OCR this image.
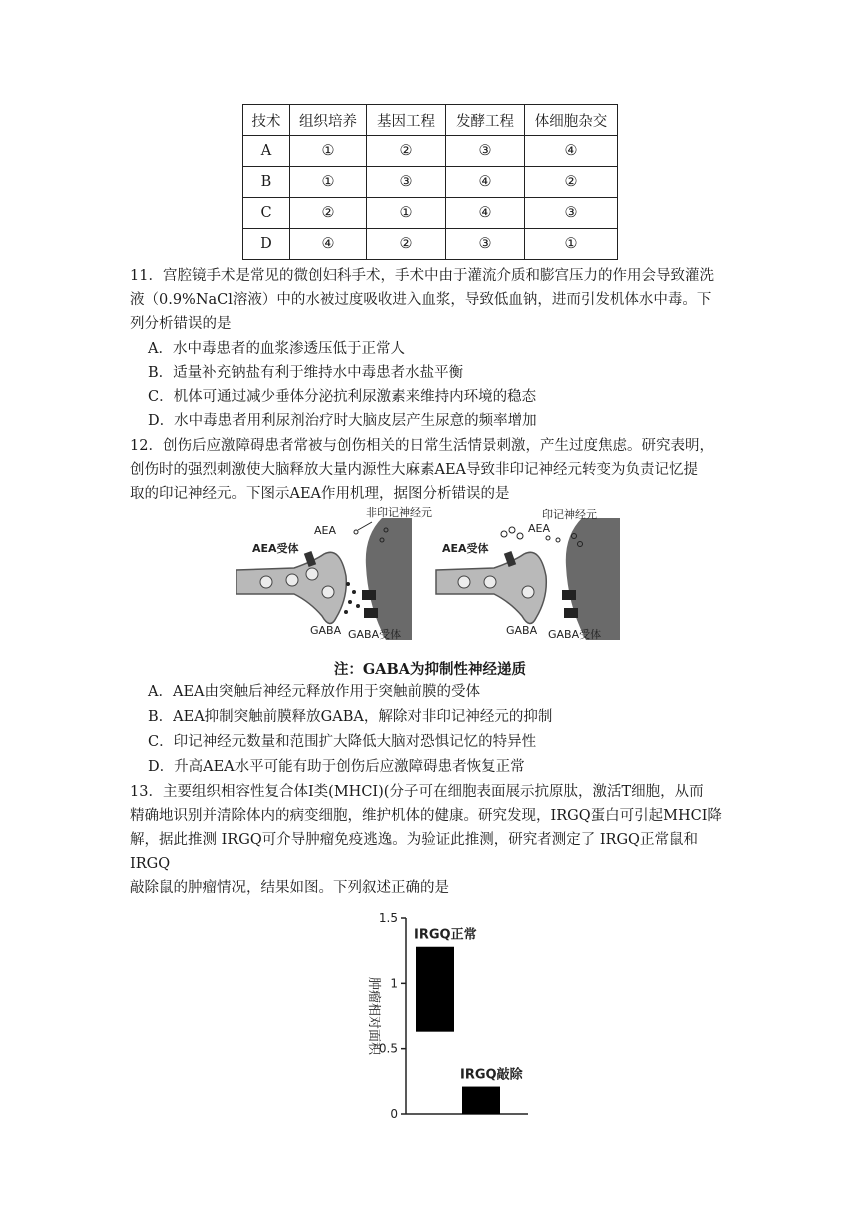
技术	组织培养	基因工程	发酵工程	体细胞杂交
A	①	②	③	④
B	①	③	④	②
C	②	①	④	③
D	④	②	③	①
11．宫腔镜手术是常见的微创妇科手术，手术中由于灌流介质和膨宫压力的作用会导致灌洗
液（0.9%NaCl溶液）中的水被过度吸收进入血浆，导致低血钠，进而引发机体水中毒。下
列分析错误的是
A．水中毒患者的血浆渗透压低于正常人
B．适量补充钠盐有利于维持水中毒患者水盐平衡
C．机体可通过减少垂体分泌抗利尿激素来维持内环境的稳态
D．水中毒患者用利尿剂治疗时大脑皮层产生尿意的频率增加
12．创伤后应激障碍患者常被与创伤相关的日常生活情景刺激，产生过度焦虑。研究表明，
创伤时的强烈刺激使大脑释放大量内源性大麻素AEA导致非印记神经元转变为负责记忆提
取的印记神经元。下图示AEA作用机理，据图分析错误的是
非印记神经元
AEA
AEA受体
GABA GABA受体
印记神经元
AEA
AEA受体
GABA GABA受体
注：GABA为抑制性神经递质
A．AEA由突触后神经元释放作用于突触前膜的受体
B．AEA抑制突触前膜释放GABA，解除对非印记神经元的抑制
C．印记神经元数量和范围扩大降低大脑对恐惧记忆的特异性
D．升高AEA水平可能有助于创伤后应激障碍患者恢复正常
13．主要组织相容性复合体Ⅰ类(MHCI)(分子可在细胞表面展示抗原肽，激活T细胞，从而
精确地识别并清除体内的病变细胞，维护机体的健康。研究发现，IRGQ蛋白可引起MHCI降
解，据此推测 IRGQ可介导肿瘤免疫逃逸。为验证此推测，研究者测定了 IRGQ正常鼠和IRGQ
敲除鼠的肿瘤情况，结果如图。下列叙述正确的是
0
0.5
1
1.5
IRGQ正常
IRGQ敲除
肿瘤相对面积
